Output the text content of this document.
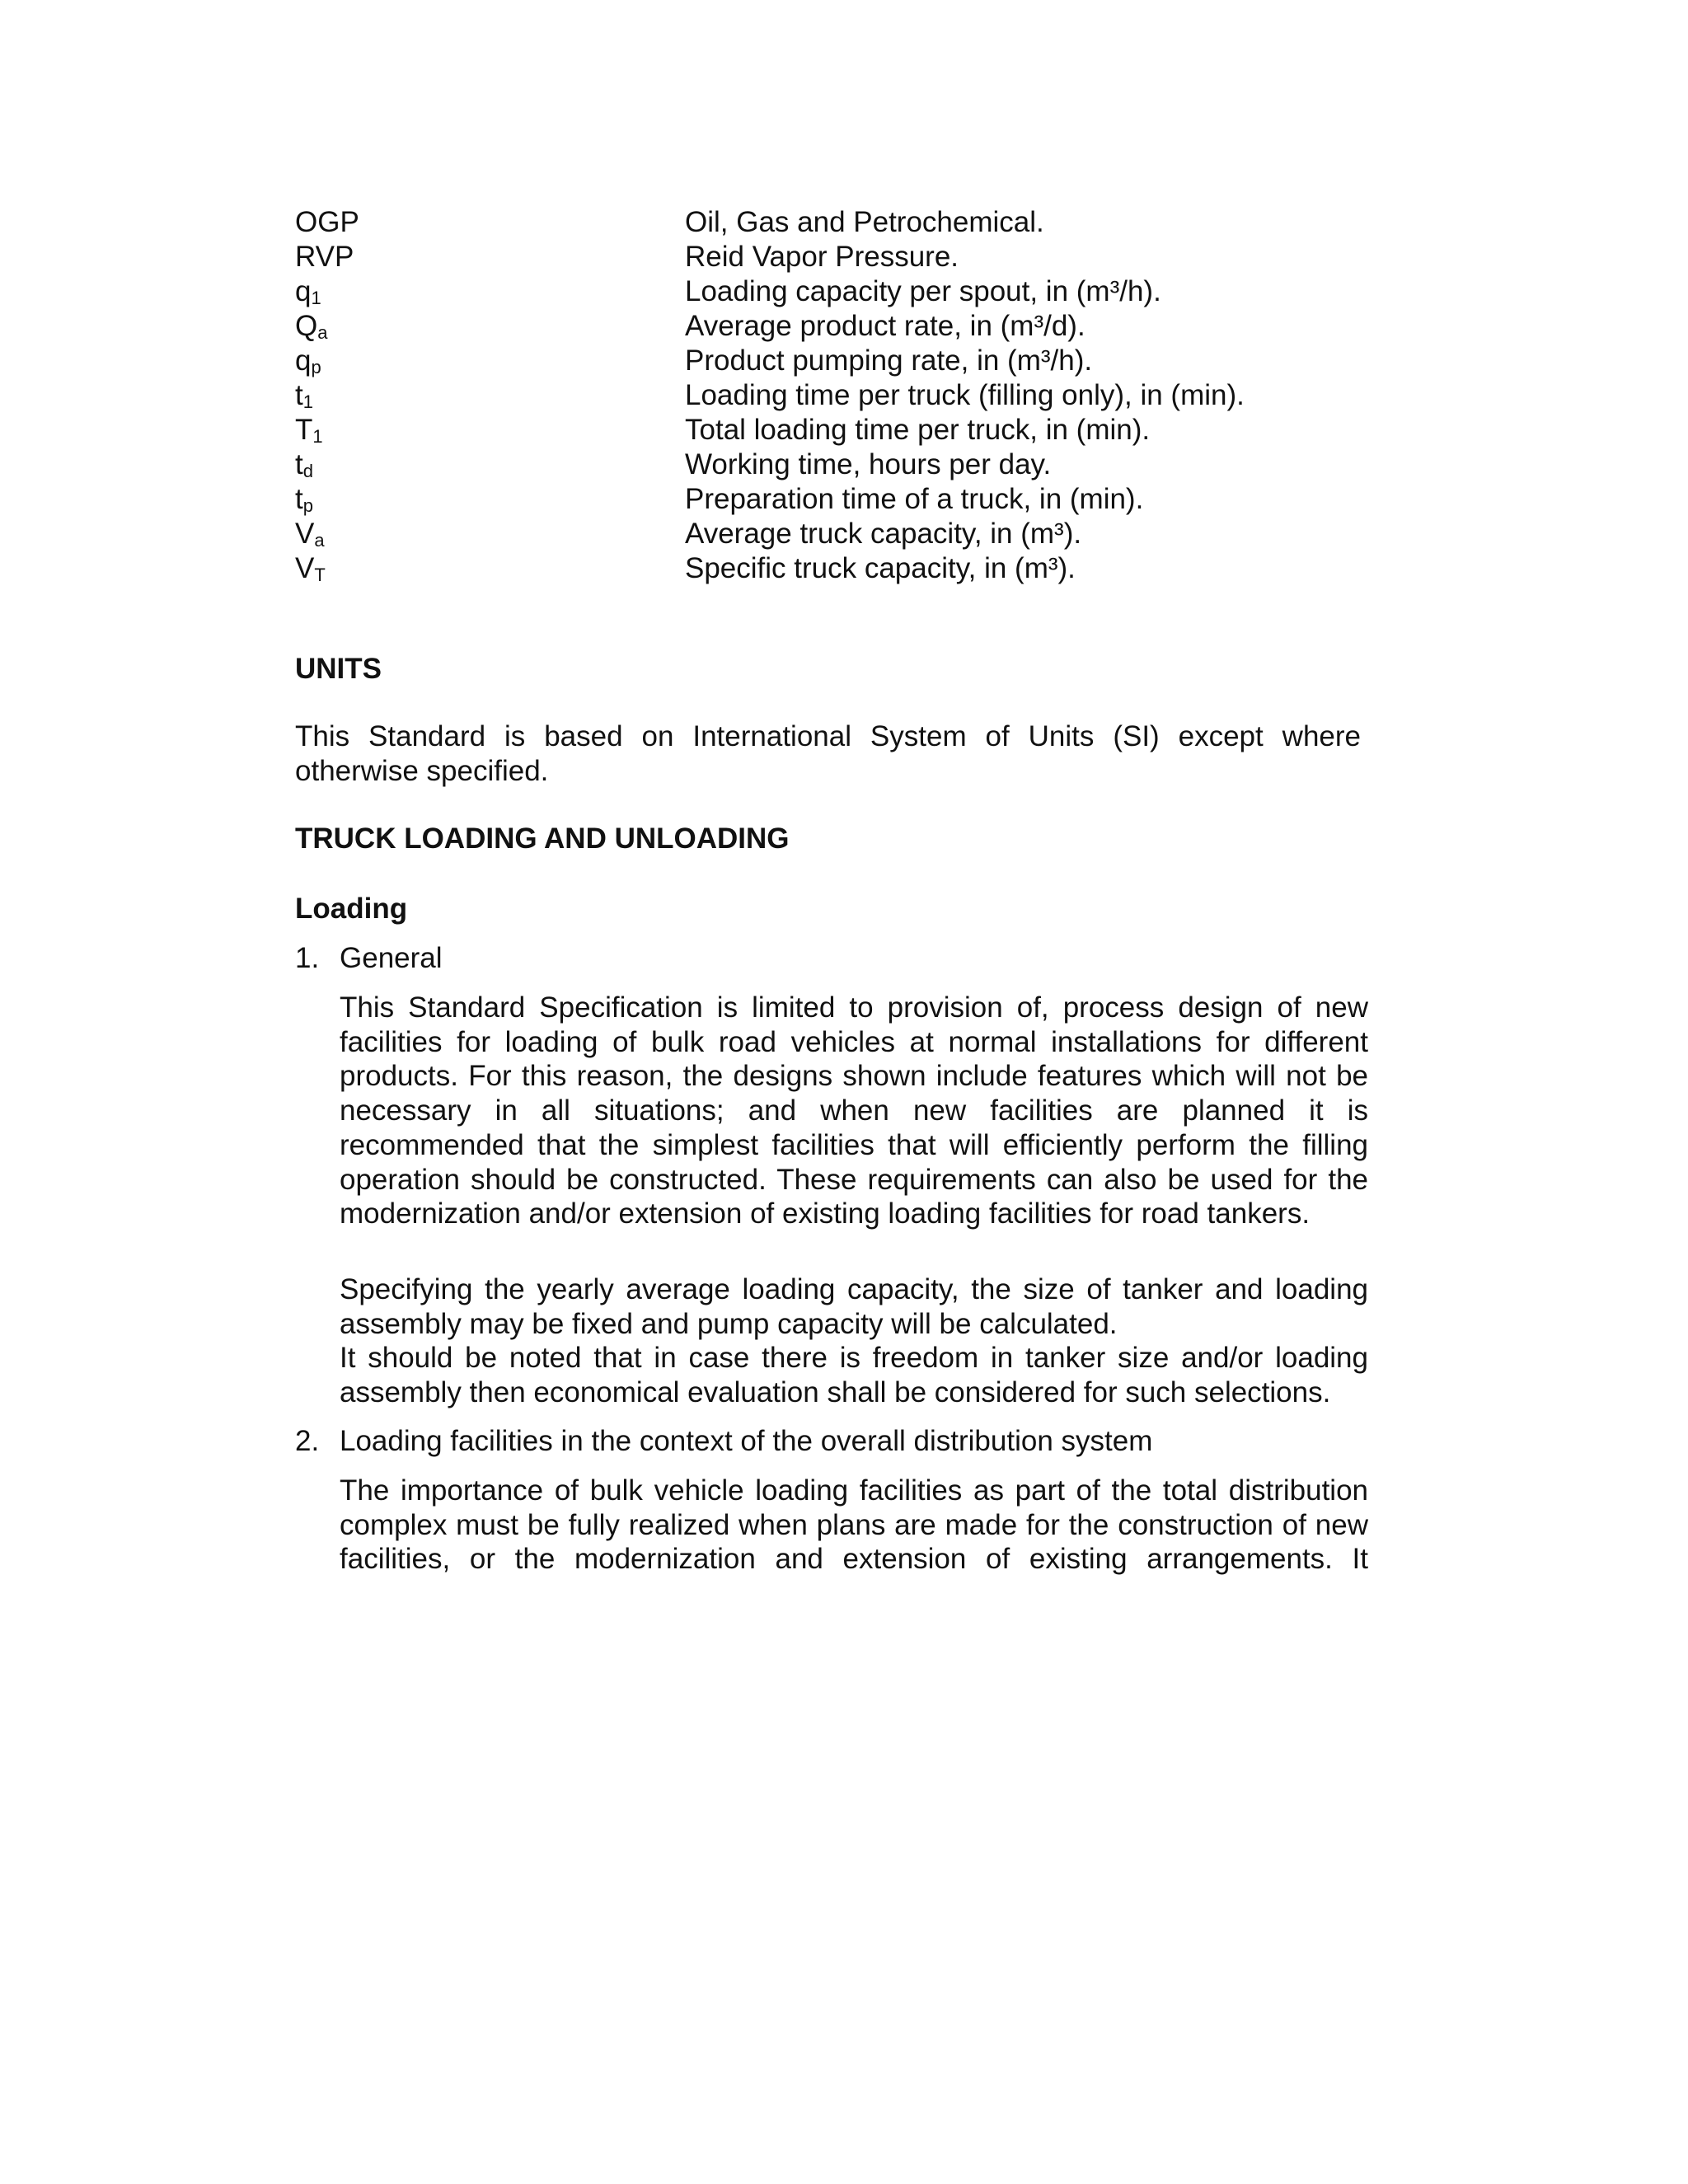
OGP	Oil, Gas and Petrochemical.
RVP	Reid Vapor Pressure.
$q_1$	Loading capacity per spout, in (m³/h).
$Q_a$	Average product rate, in (m³/d).
$q_p$	Product pumping rate, in (m³/h).
$t_1$	Loading time per truck (filling only), in (min).
$T_1$	Total loading time per truck, in (min).
$t_d$	Working time, hours per day.
$t_p$	Preparation time of a truck, in (min).
$V_a$	Average truck capacity, in (m³).
$V_T$	Specific truck capacity, in (m³).
UNITS
This Standard is based on International System of Units (SI) except where otherwise specified.
TRUCK LOADING AND UNLOADING
Loading
1. General
This Standard Specification is limited to provision of, process design of new facilities for loading of bulk road vehicles at normal installations for different products. For this reason, the designs shown include features which will not be necessary in all situations; and when new facilities are planned it is recommended that the simplest facilities that will efficiently perform the filling operation should be constructed. These requirements can also be used for the modernization and/or extension of existing loading facilities for road tankers.
Specifying the yearly average loading capacity, the size of tanker and loading assembly may be fixed and pump capacity will be calculated.
It should be noted that in case there is freedom in tanker size and/or loading assembly then economical evaluation shall be considered for such selections.
2. Loading facilities in the context of the overall distribution system
The importance of bulk vehicle loading facilities as part of the total distribution complex must be fully realized when plans are made for the construction of new facilities, or the modernization and extension of existing arrangements. It
